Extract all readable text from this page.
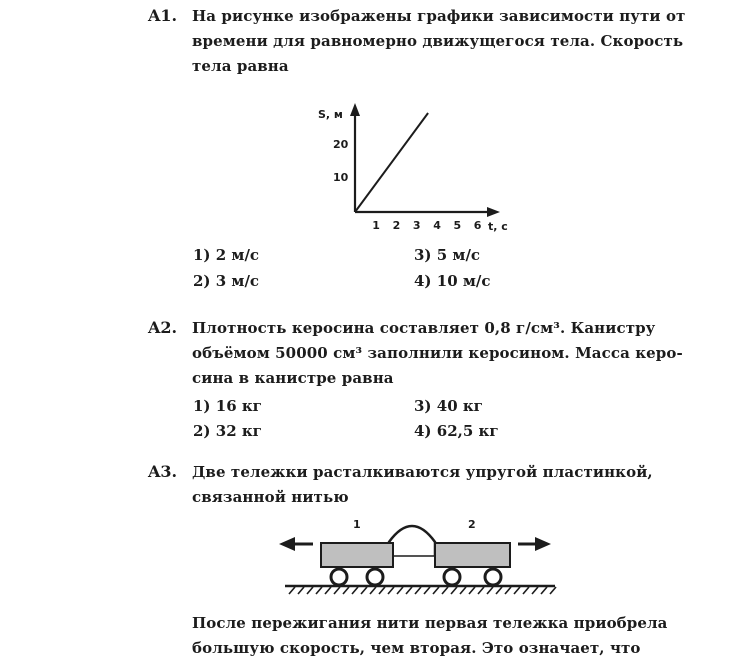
A1. На рисунке изображены графики зависимости пути от
времени для равномерно движущегося тела. Скорость
тела равна
S, м
t, c
20
10
1 2 3 4 5 6
1) 2 м/с
2) 3 м/с
3) 5 м/с
4) 10 м/с
A2. Плотность керосина составляет 0,8 г/см³. Канистру
объёмом 50000 см³ заполнили керосином. Масса керо-
сина в канистре равна
1) 16 кг
2) 32 кг
3) 40 кг
4) 62,5 кг
A3. Две тележки расталкиваются упругой пластинкой,
связанной нитью
1	2
После пережигания нити первая тележка приобрела
большую скорость, чем вторая. Это означает, что
